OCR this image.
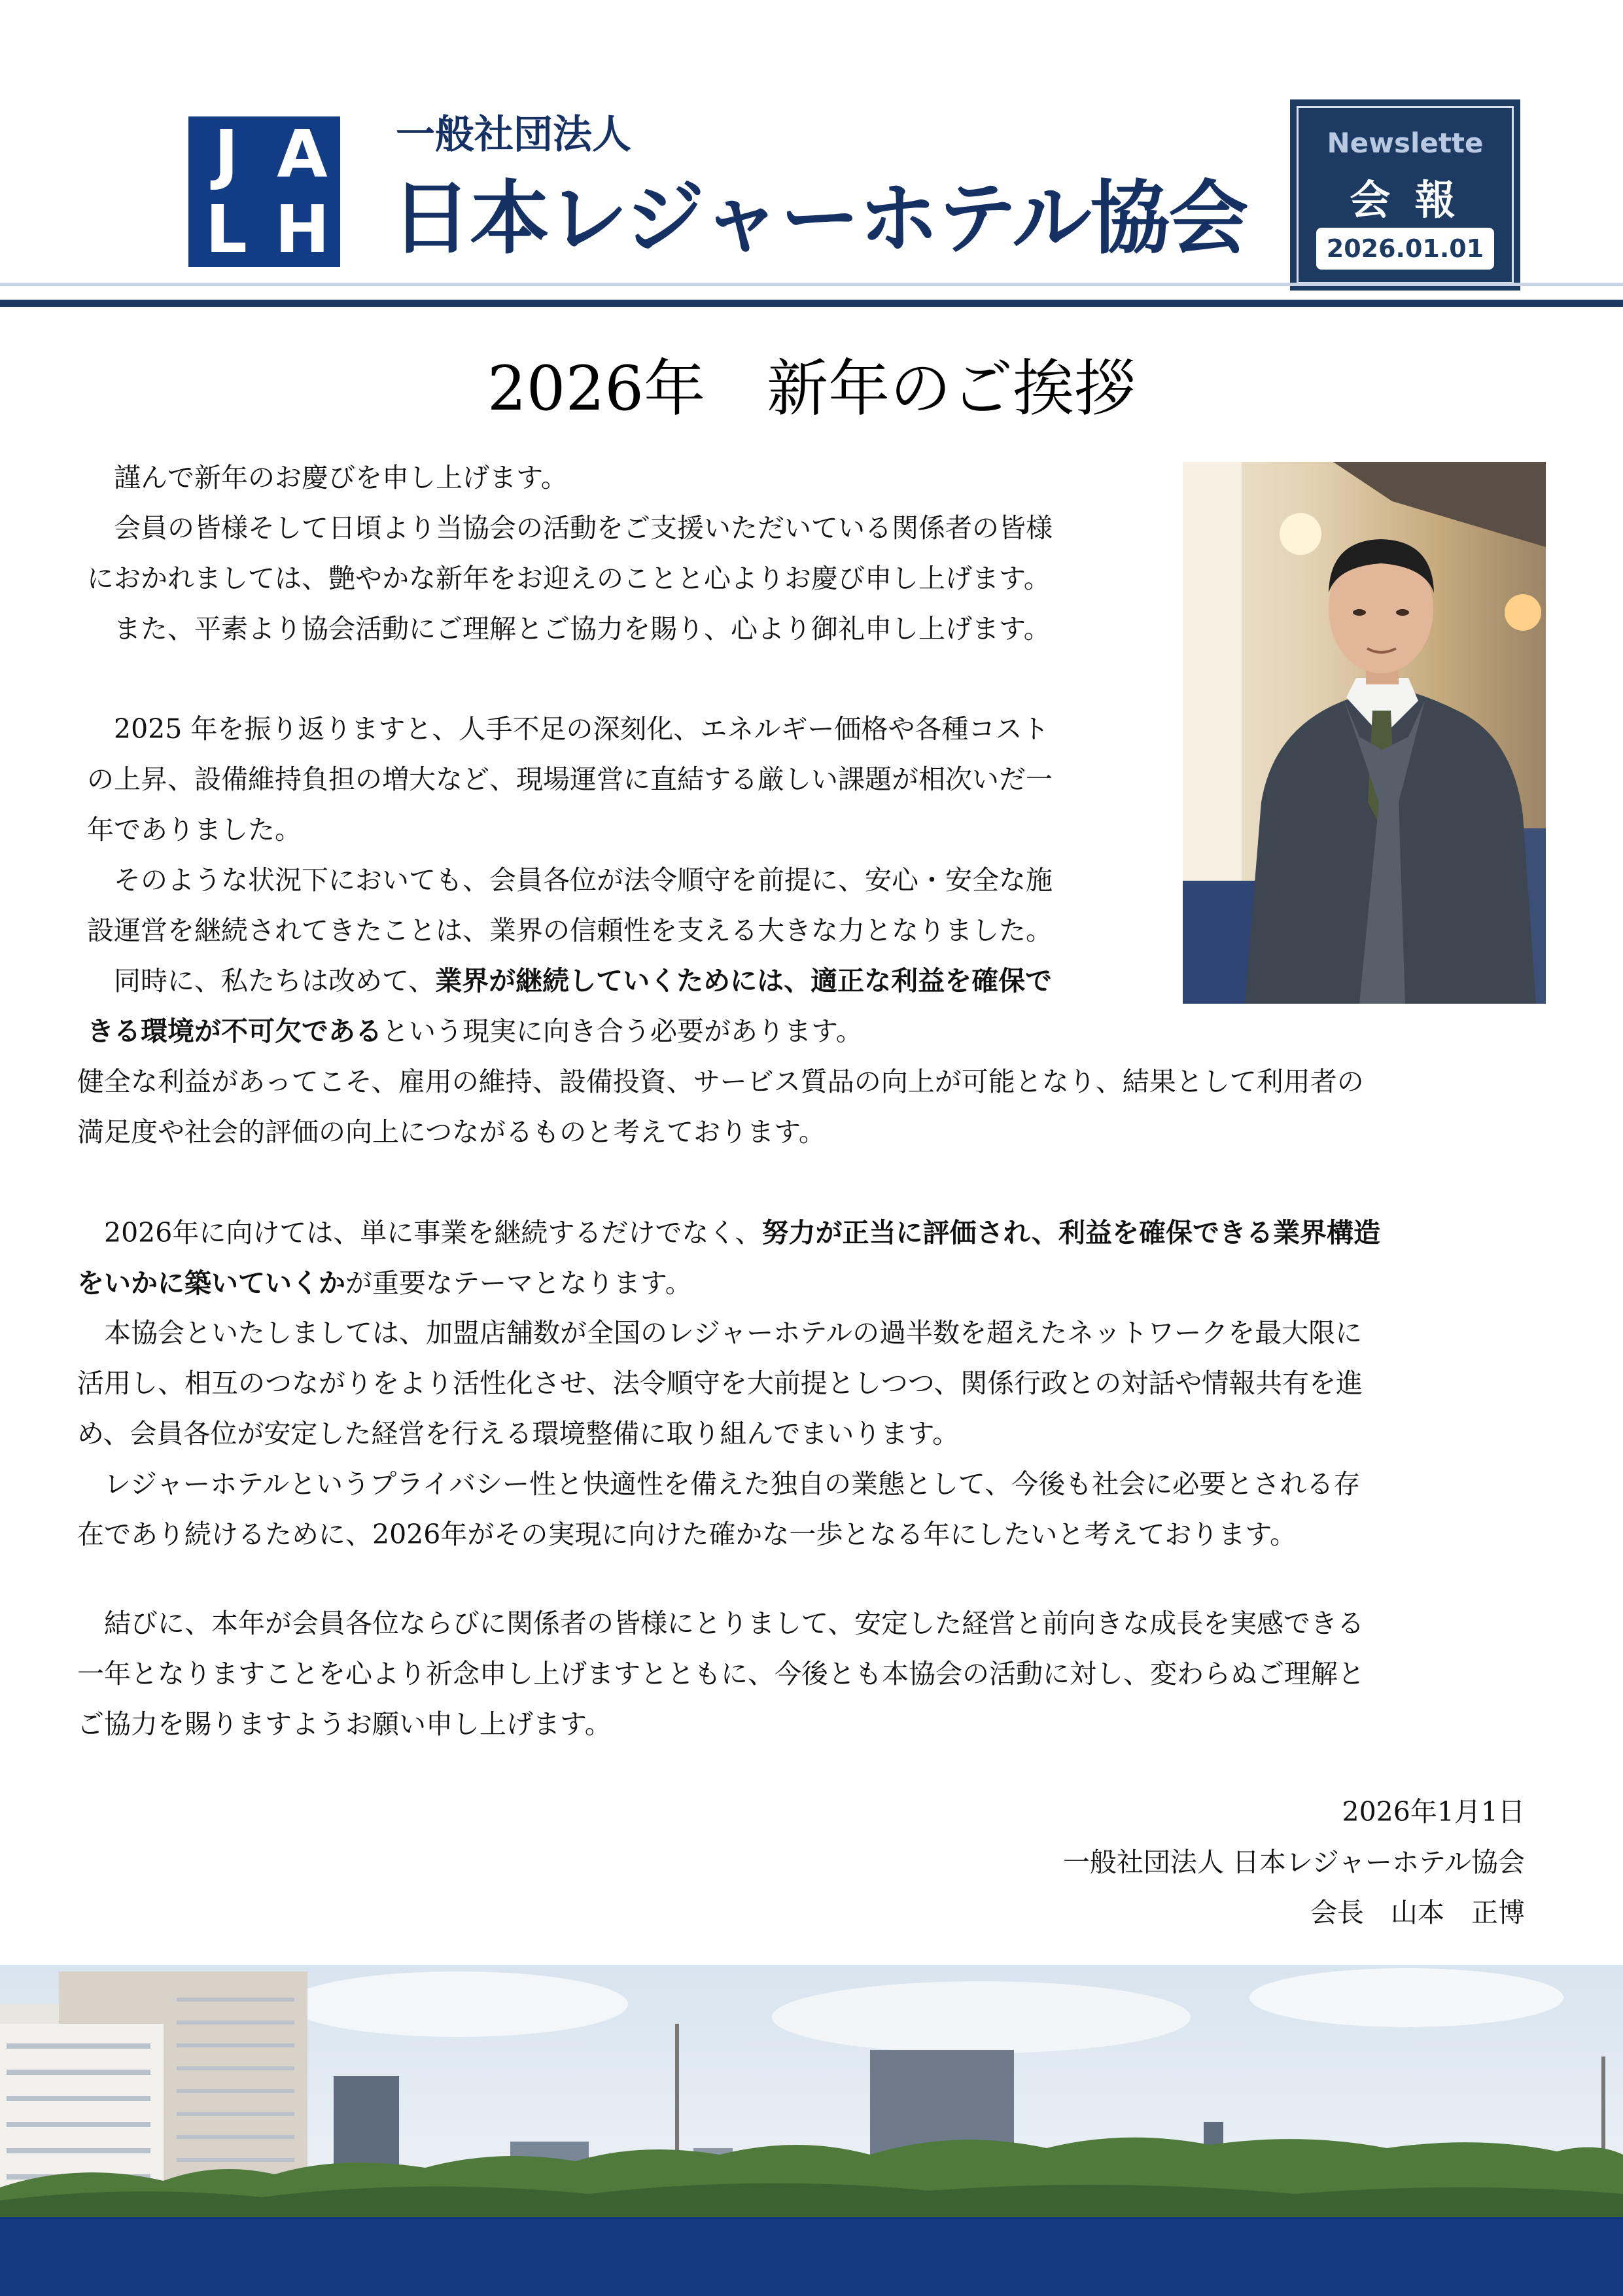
J A
L H
一般社団法人
日本レジャーホテル協会
Newslette
会 報
2026.01.01
2026年　新年のご挨拶
　謹んで新年のお慶びを申し上げます。
　会員の皆様そして日頃より当協会の活動をご支援いただいている関係者の皆様
におかれましては、艶やかな新年をお迎えのことと心よりお慶び申し上げます。
　また、平素より協会活動にご理解とご協力を賜り、心より御礼申し上げます。
　2025 年を振り返りますと、人手不足の深刻化、エネルギー価格や各種コスト
の上昇、設備維持負担の増大など、現場運営に直結する厳しい課題が相次いだ一
年でありました。
　そのような状況下においても、会員各位が法令順守を前提に、安心・安全な施
設運営を継続されてきたことは、業界の信頼性を支える大きな力となりました。
　同時に、私たちは改めて、業界が継続していくためには、適正な利益を確保で
きる環境が不可欠であるという現実に向き合う必要があります。
健全な利益があってこそ、雇用の維持、設備投資、サービス質品の向上が可能となり、結果として利用者の
満足度や社会的評価の向上につながるものと考えております。
　2026年に向けては、単に事業を継続するだけでなく、努力が正当に評価され、利益を確保できる業界構造
をいかに築いていくかが重要なテーマとなります。
　本協会といたしましては、加盟店舗数が全国のレジャーホテルの過半数を超えたネットワークを最大限に
活用し、相互のつながりをより活性化させ、法令順守を大前提としつつ、関係行政との対話や情報共有を進
め、会員各位が安定した経営を行える環境整備に取り組んでまいります。
　レジャーホテルというプライバシー性と快適性を備えた独自の業態として、今後も社会に必要とされる存
在であり続けるために、2026年がその実現に向けた確かな一歩となる年にしたいと考えております。
　結びに、本年が会員各位ならびに関係者の皆様にとりまして、安定した経営と前向きな成長を実感できる
一年となりますことを心より祈念申し上げますとともに、今後とも本協会の活動に対し、変わらぬご理解と
ご協力を賜りますようお願い申し上げます。
2026年1月1日
一般社団法人 日本レジャーホテル協会
会長　山本　正博
